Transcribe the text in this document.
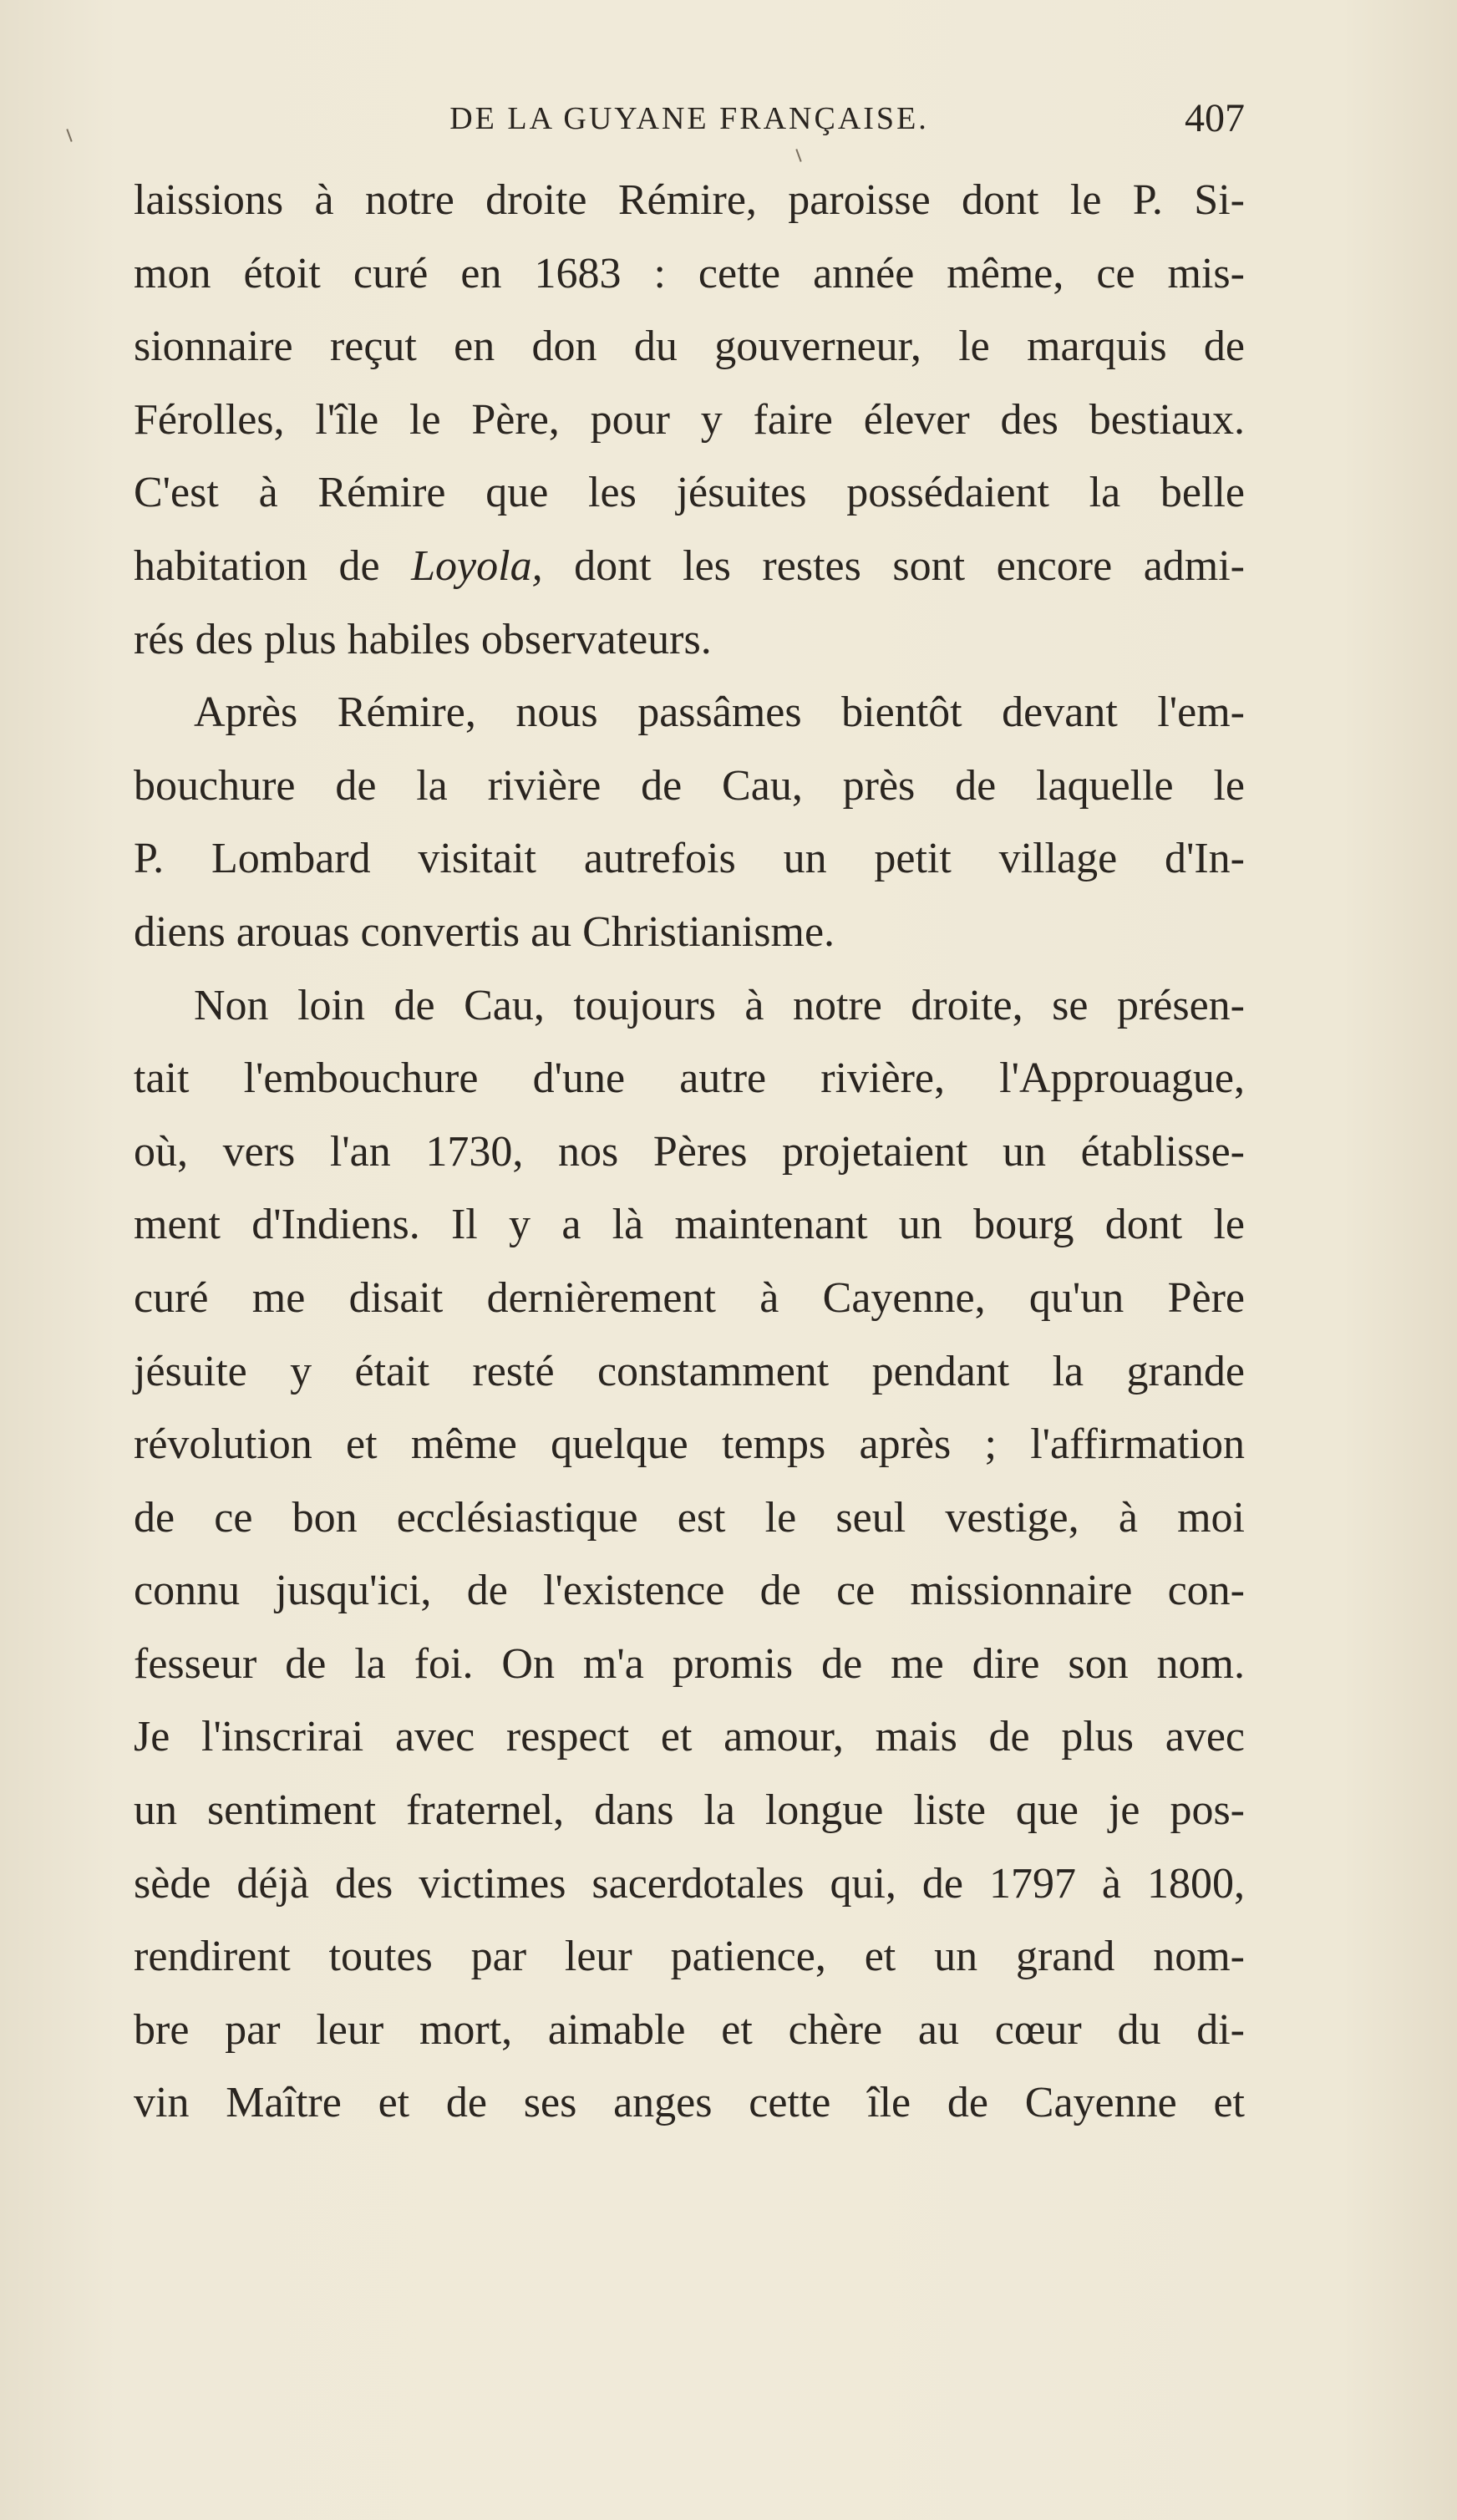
DE LA GUYANE FRANÇAISE.	407
laissions à notre droite Rémire, paroisse dont le P. Si-
mon étoit curé en 1683 : cette année même, ce mis-
sionnaire reçut en don du gouverneur, le marquis de
Férolles, l'île le Père, pour y faire élever des bestiaux.
C'est à Rémire que les jésuites possédaient la belle
habitation de Loyola, dont les restes sont encore admi-
rés des plus habiles observateurs.
Après Rémire, nous passâmes bientôt devant l'em-
bouchure de la rivière de Cau, près de laquelle le
P. Lombard visitait autrefois un petit village d'In-
diens arouas convertis au Christianisme.
Non loin de Cau, toujours à notre droite, se présen-
tait l'embouchure d'une autre rivière, l'Approuague,
où, vers l'an 1730, nos Pères projetaient un établisse-
ment d'Indiens. Il y a là maintenant un bourg dont le
curé me disait dernièrement à Cayenne, qu'un Père
jésuite y était resté constamment pendant la grande
révolution et même quelque temps après ; l'affirmation
de ce bon ecclésiastique est le seul vestige, à moi
connu jusqu'ici, de l'existence de ce missionnaire con-
fesseur de la foi. On m'a promis de me dire son nom.
Je l'inscrirai avec respect et amour, mais de plus avec
un sentiment fraternel, dans la longue liste que je pos-
sède déjà des victimes sacerdotales qui, de 1797 à 1800,
rendirent toutes par leur patience, et un grand nom-
bre par leur mort, aimable et chère au cœur du di-
vin Maître et de ses anges cette île de Cayenne et
